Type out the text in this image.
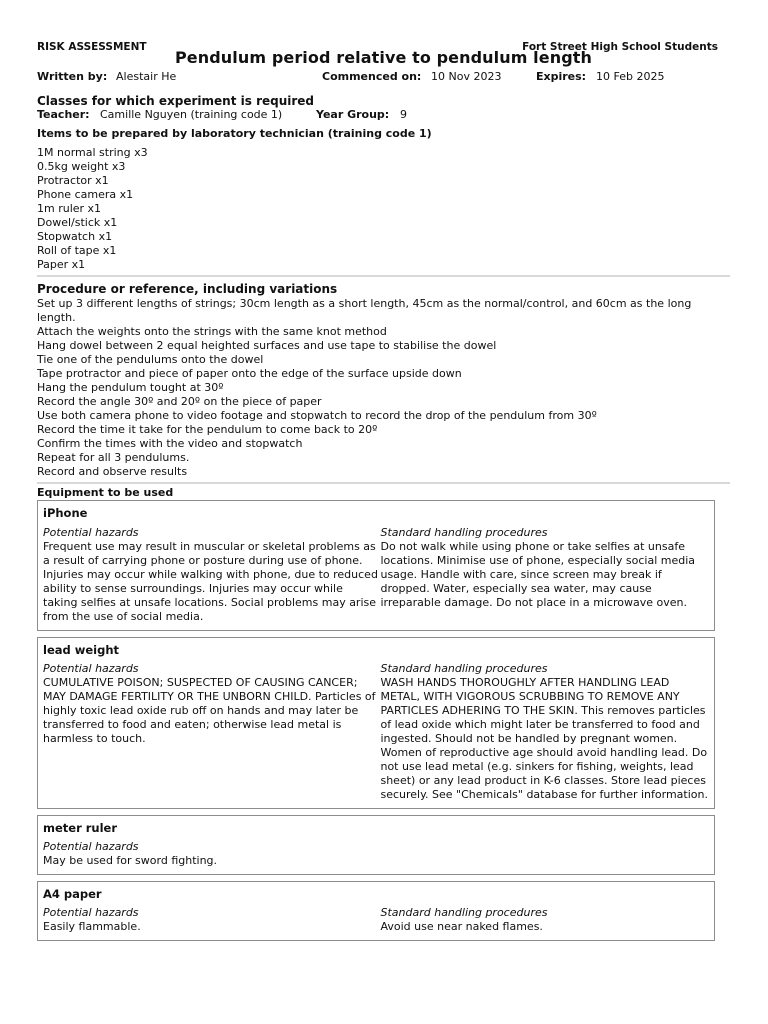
RISK ASSESSMENT	Fort Street High School Students
Pendulum period relative to pendulum length
Written by: Alestair He	Commenced on: 10 Nov 2023	Expires: 10 Feb 2025
Classes for which experiment is required
Teacher: Camille Nguyen (training code 1)	Year Group: 9
Items to be prepared by laboratory technician (training code 1)
1M normal string x3
0.5kg weight x3
Protractor x1
Phone camera x1
1m ruler x1
Dowel/stick x1
Stopwatch x1
Roll of tape x1
Paper x1
Procedure or reference, including variations
Set up 3 different lengths of strings; 30cm length as a short length, 45cm as the normal/control, and 60cm as the long length.
Attach the weights onto the strings with the same knot method
Hang dowel between 2 equal heighted surfaces and use tape to stabilise the dowel
Tie one of the pendulums onto the dowel
Tape protractor and piece of paper onto the edge of the surface upside down
Hang the pendulum tought at 30º
Record the angle 30º and 20º on the piece of paper
Use both camera phone to video footage and stopwatch to record the drop of the pendulum from 30º
Record the time it take for the pendulum to come back to 20º
Confirm the times with the video and stopwatch
Repeat for all 3 pendulums.
Record and observe results
Equipment to be used
iPhone
Potential hazards
Frequent use may result in muscular or skeletal problems as a result of carrying phone or posture during use of phone. Injuries may occur while walking with phone, due to reduced ability to sense surroundings. Injuries may occur while taking selfies at unsafe locations. Social problems may arise from the use of social media.
Standard handling procedures
Do not walk while using phone or take selfies at unsafe locations. Minimise use of phone, especially social media usage. Handle with care, since screen may break if dropped. Water, especially sea water, may cause irreparable damage. Do not place in a microwave oven.
lead weight
Potential hazards
CUMULATIVE POISON; SUSPECTED OF CAUSING CANCER; MAY DAMAGE FERTILITY OR THE UNBORN CHILD. Particles of highly toxic lead oxide rub off on hands and may later be transferred to food and eaten; otherwise lead metal is harmless to touch.
Standard handling procedures
WASH HANDS THOROUGHLY AFTER HANDLING LEAD METAL, WITH VIGOROUS SCRUBBING TO REMOVE ANY PARTICLES ADHERING TO THE SKIN. This removes particles of lead oxide which might later be transferred to food and ingested. Should not be handled by pregnant women. Women of reproductive age should avoid handling lead. Do not use lead metal (e.g. sinkers for fishing, weights, lead sheet) or any lead product in K-6 classes. Store lead pieces securely. See "Chemicals" database for further information.
meter ruler
Potential hazards
May be used for sword fighting.
A4 paper
Potential hazards
Easily flammable.
Standard handling procedures
Avoid use near naked flames.
